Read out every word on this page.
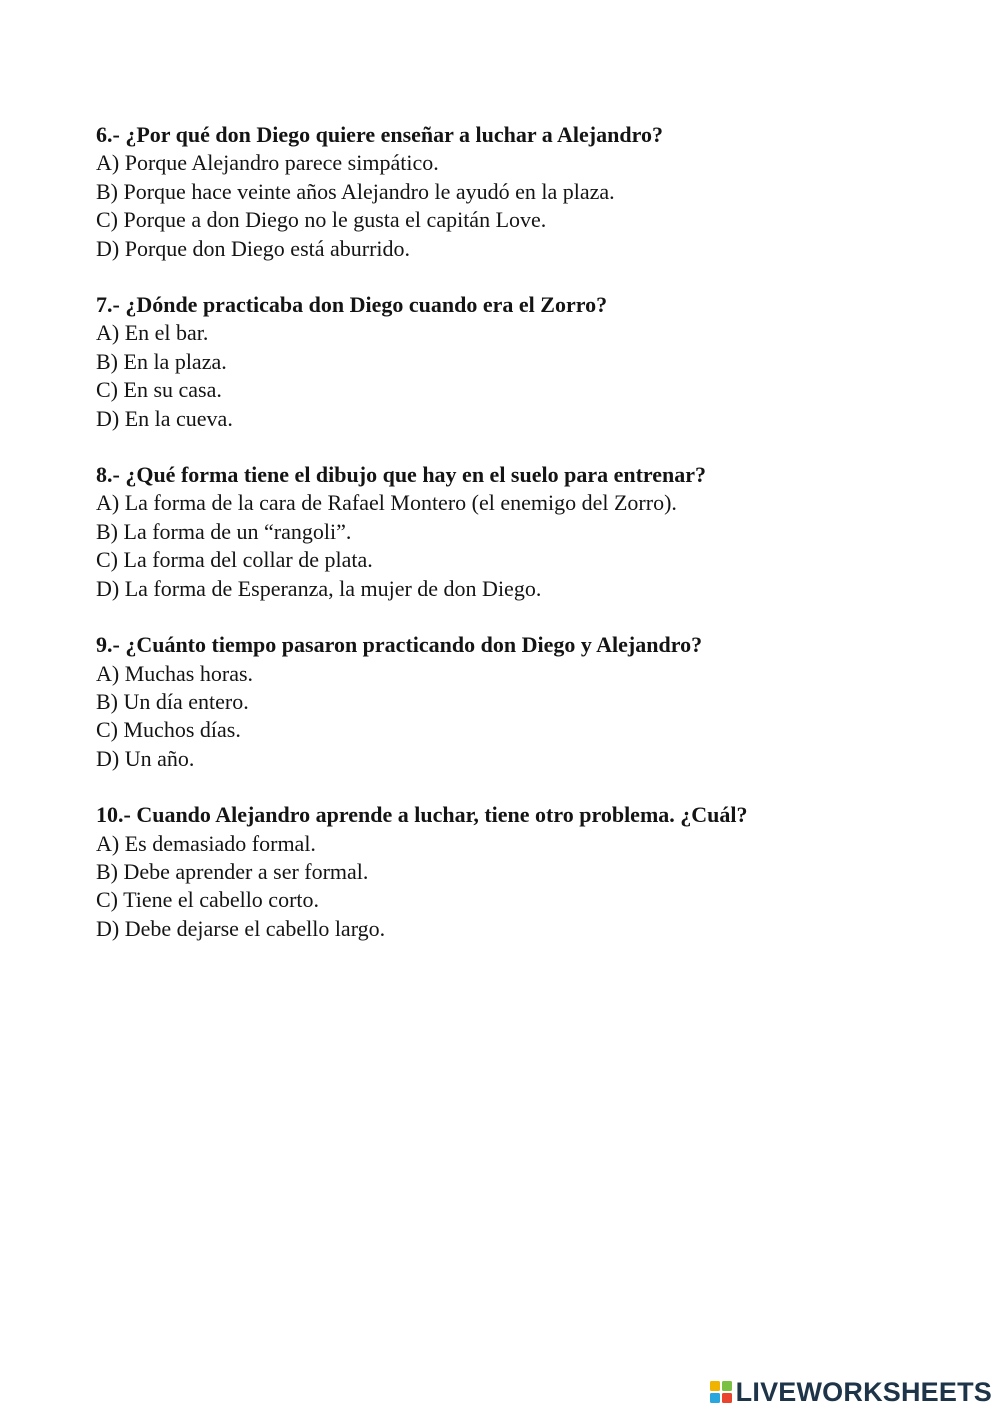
6.- ¿Por qué don Diego quiere enseñar a luchar a Alejandro?
A) Porque Alejandro parece simpático.
B) Porque hace veinte años Alejandro le ayudó en la plaza.
C) Porque a don Diego no le gusta el capitán Love.
D) Porque don Diego está aburrido.
7.- ¿Dónde practicaba don Diego cuando era el Zorro?
A) En el bar.
B) En la plaza.
C) En su casa.
D) En la cueva.
8.- ¿Qué forma tiene el dibujo que hay en el suelo para entrenar?
A) La forma de la cara de Rafael Montero (el enemigo del Zorro).
B) La forma de un “rangoli”.
C) La forma del collar de plata.
D) La forma de Esperanza, la mujer de don Diego.
9.- ¿Cuánto tiempo pasaron practicando don Diego y Alejandro?
A) Muchas horas.
B) Un día entero.
C) Muchos días.
D) Un año.
10.- Cuando Alejandro aprende a luchar, tiene otro problema. ¿Cuál?
A) Es demasiado formal.
B) Debe aprender a ser formal.
C) Tiene el cabello corto.
D) Debe dejarse el cabello largo.
LIVEWORKSHEETS
